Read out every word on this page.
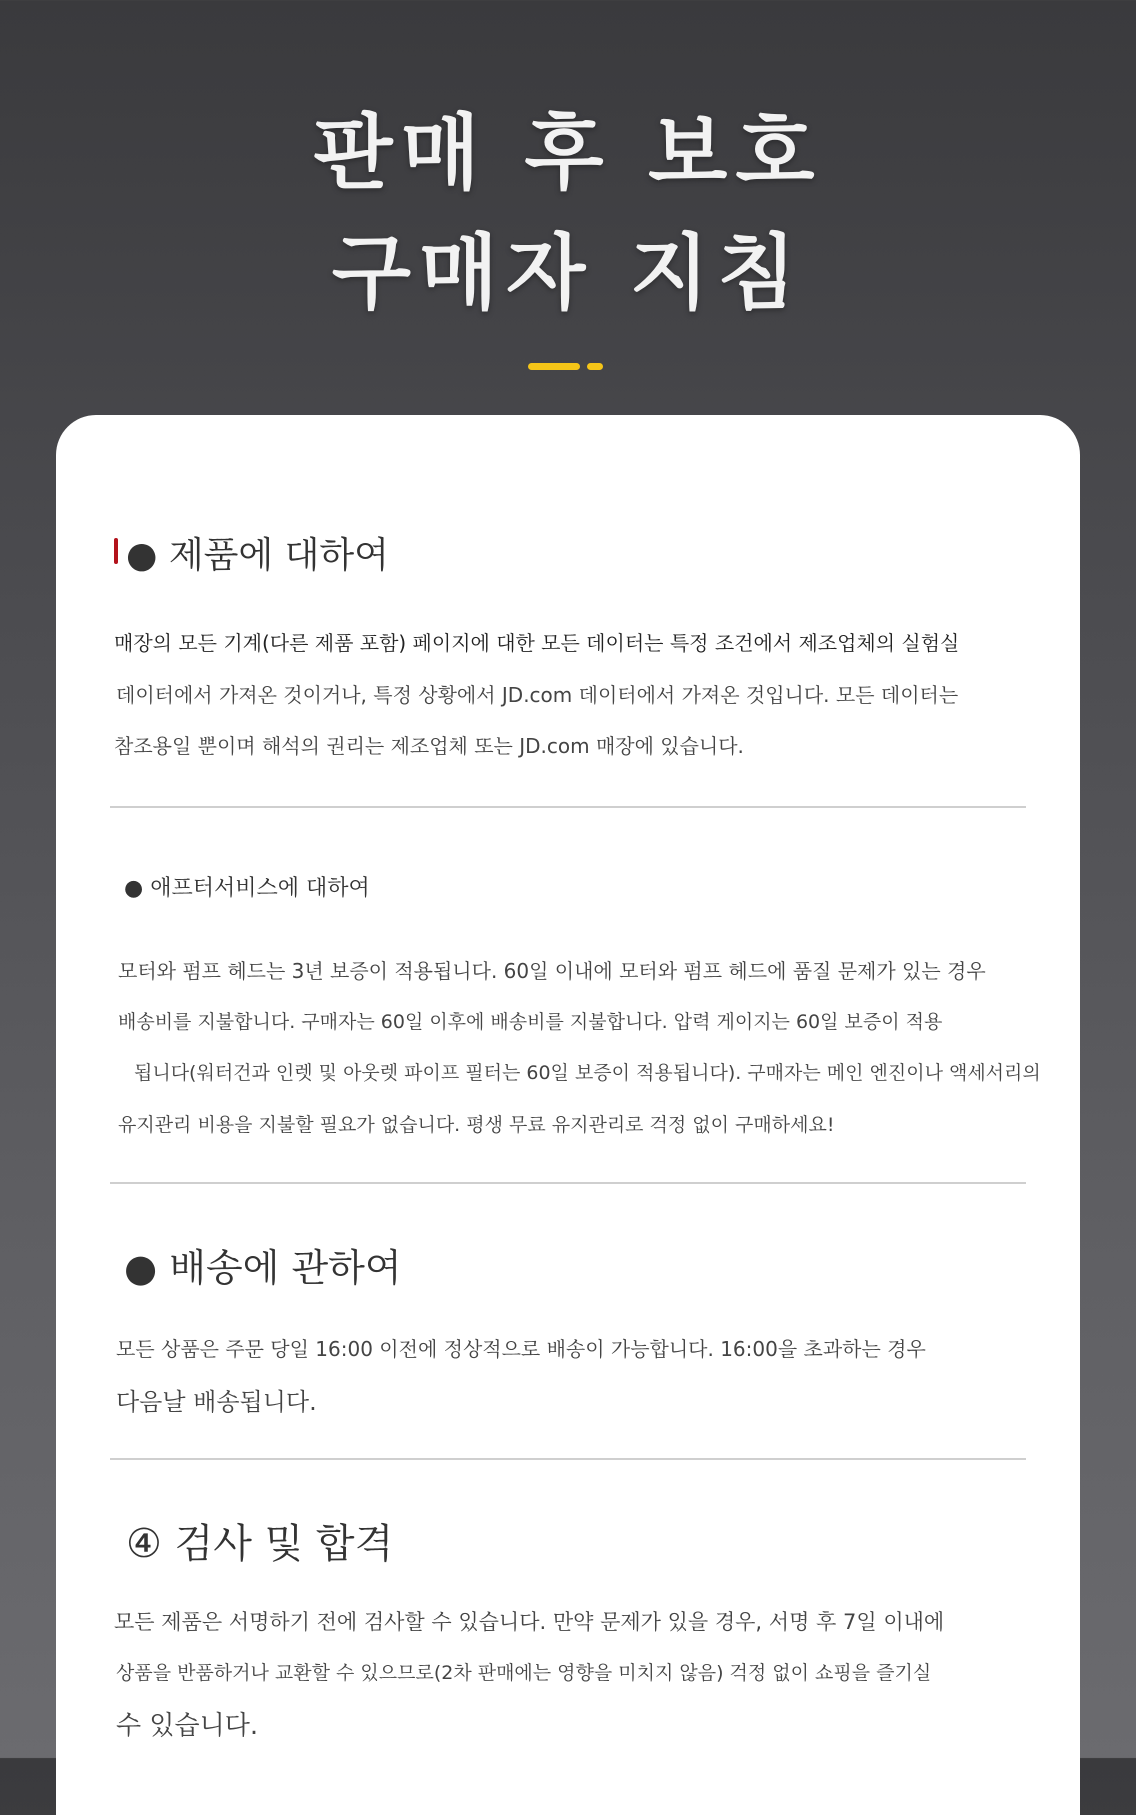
판매 후 보호
구매자 지침
● 제품에 대하여
매장의 모든 기계(다른 제품 포함) 페이지에 대한 모든 데이터는 특정 조건에서 제조업체의 실험실
데이터에서 가져온 것이거나, 특정 상황에서 JD.com 데이터에서 가져온 것입니다. 모든 데이터는
참조용일 뿐이며 해석의 권리는 제조업체 또는 JD.com 매장에 있습니다.
● 애프터서비스에 대하여
모터와 펌프 헤드는 3년 보증이 적용됩니다. 60일 이내에 모터와 펌프 헤드에 품질 문제가 있는 경우
배송비를 지불합니다. 구매자는 60일 이후에 배송비를 지불합니다. 압력 게이지는 60일 보증이 적용
됩니다(워터건과 인렛 및 아웃렛 파이프 필터는 60일 보증이 적용됩니다). 구매자는 메인 엔진이나 액세서리의
유지관리 비용을 지불할 필요가 없습니다. 평생 무료 유지관리로 걱정 없이 구매하세요!
● 배송에 관하여
모든 상품은 주문 당일 16:00 이전에 정상적으로 배송이 가능합니다. 16:00을 초과하는 경우
다음날 배송됩니다.
④ 검사 및 합격
모든 제품은 서명하기 전에 검사할 수 있습니다. 만약 문제가 있을 경우, 서명 후 7일 이내에
상품을 반품하거나 교환할 수 있으므로(2차 판매에는 영향을 미치지 않음) 걱정 없이 쇼핑을 즐기실
수 있습니다.
